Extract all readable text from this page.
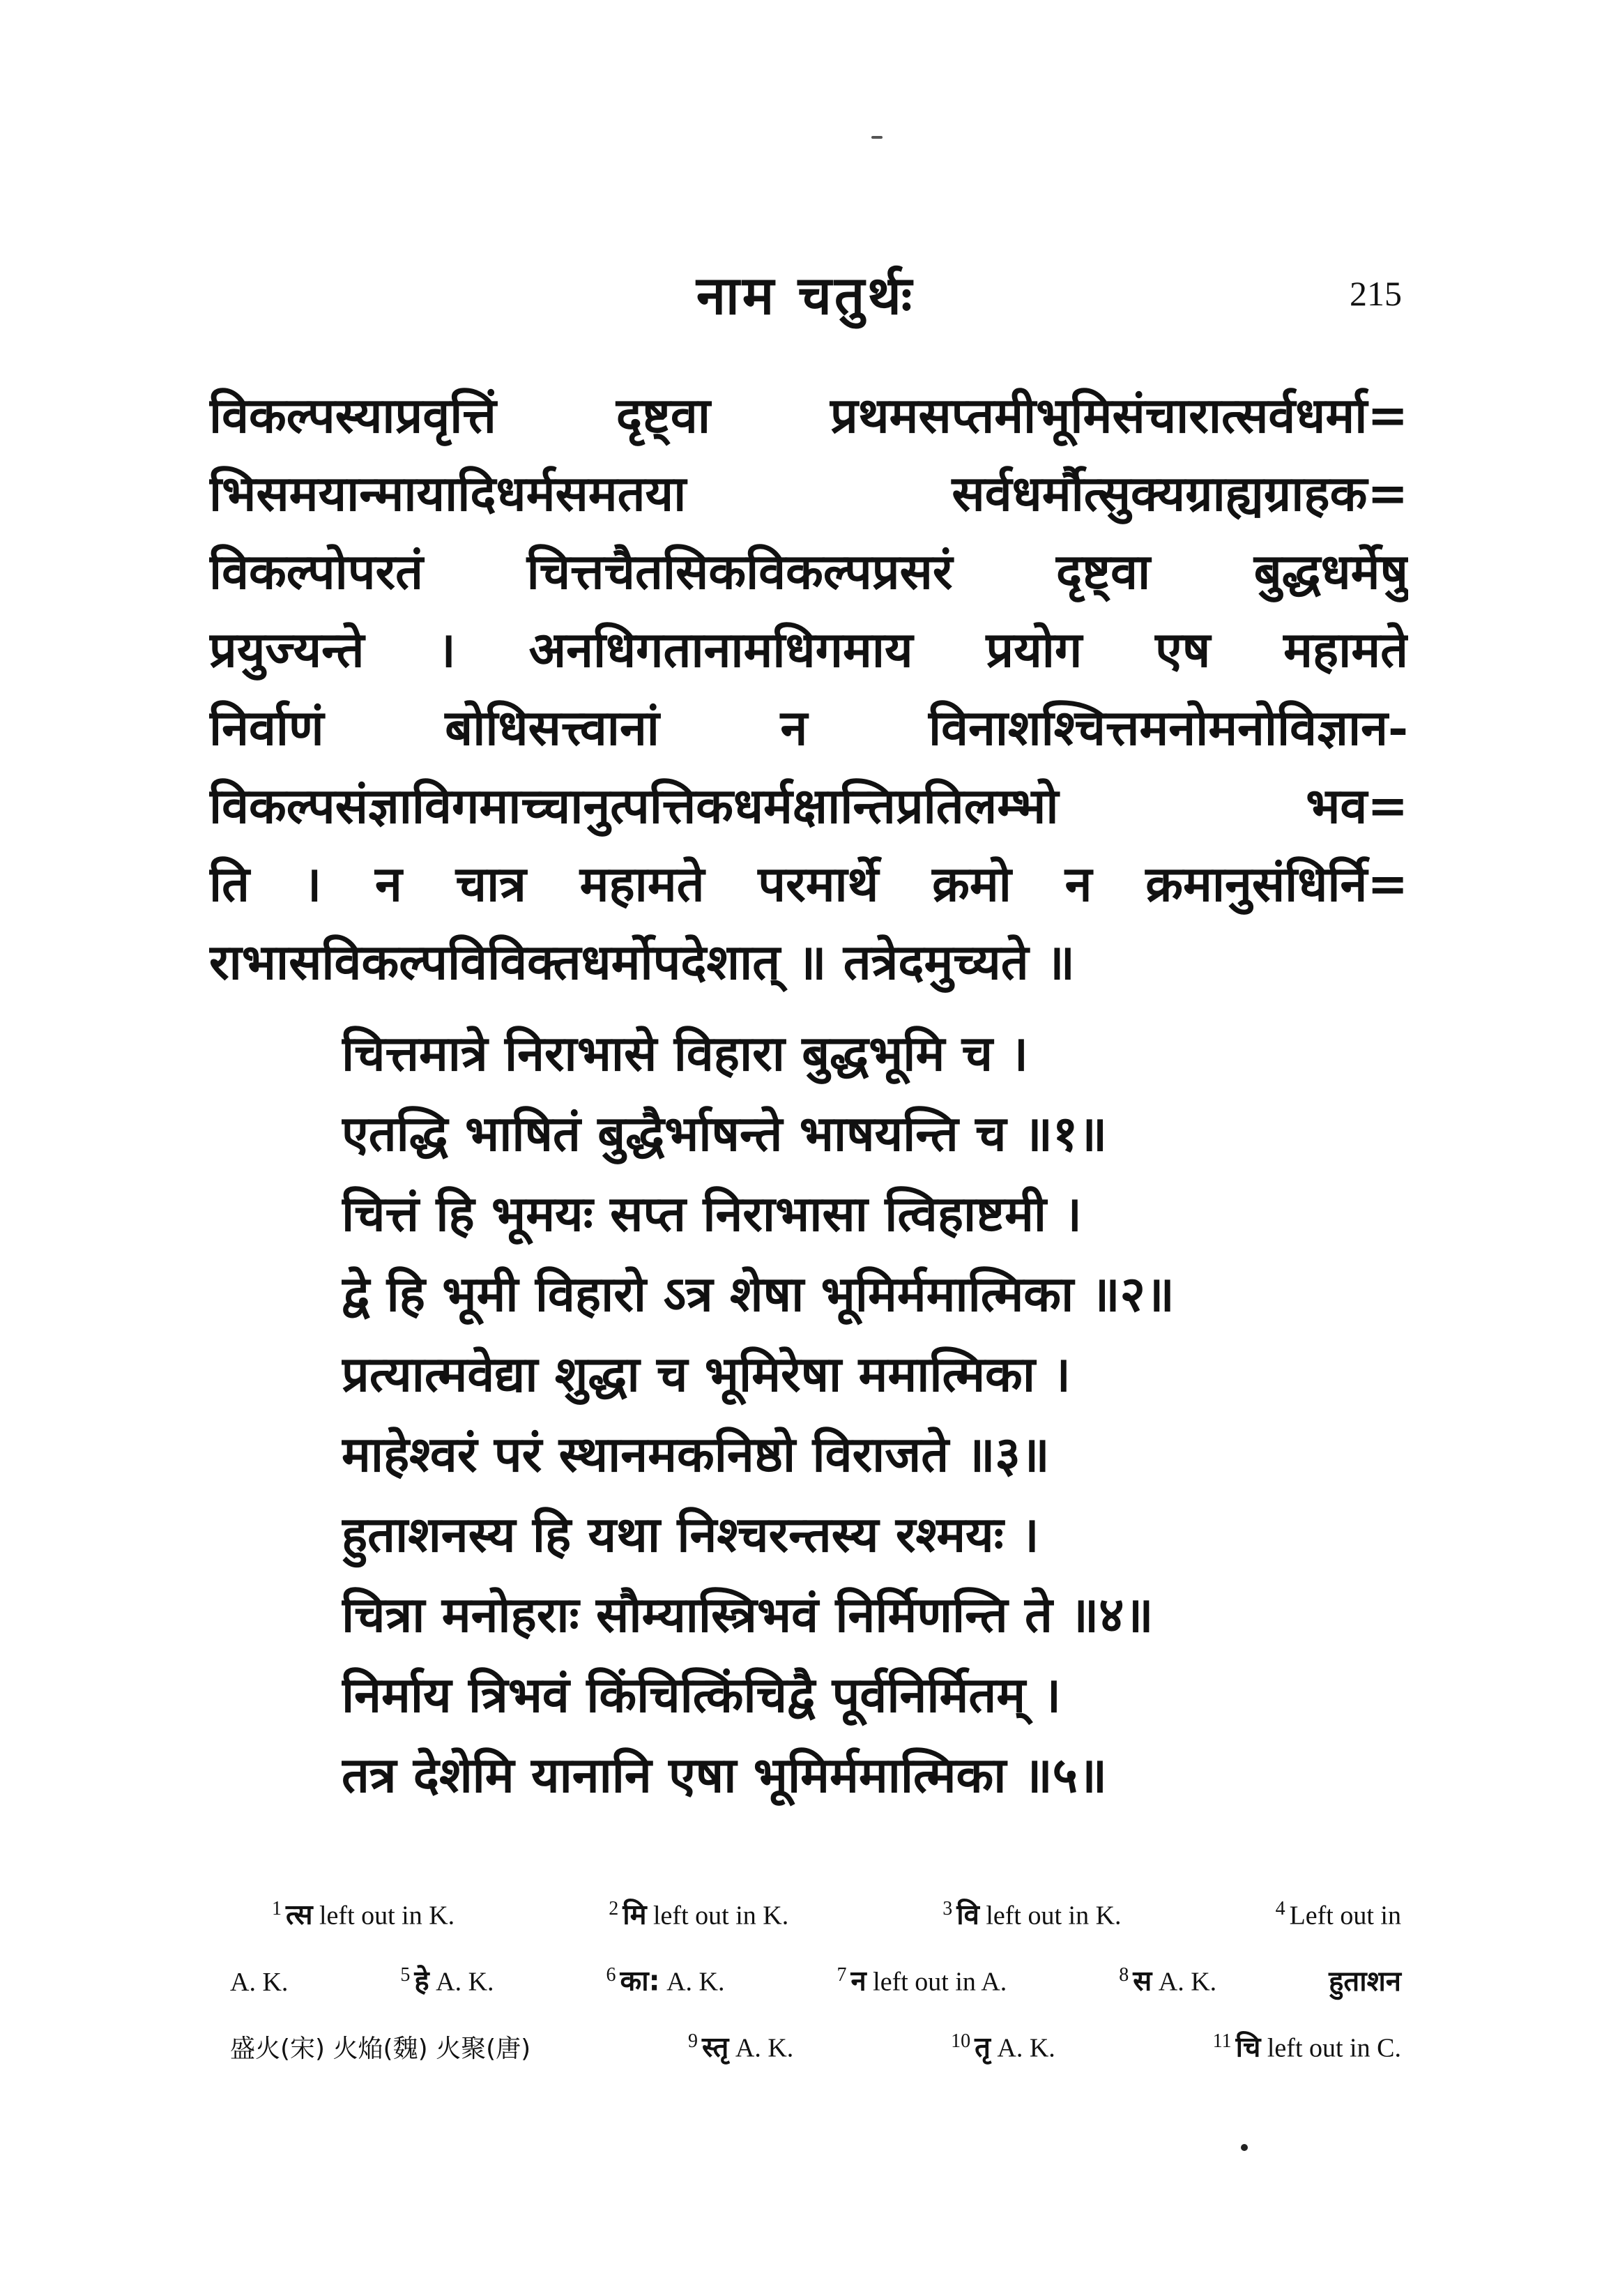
नाम चतुर्थः	215
विकल्पस्याप्रवृत्तिं दृष्ट्वा प्रथमसप्तमीभूमिसंचारात्सर्वधर्मा=
भिसमयान्मायादिधर्मसमतया सर्वधर्मौत्सुक्यग्राह्यग्राहक=
विकल्पोपरतं चित्तचैतसिकविकल्पप्रसरं दृष्ट्वा बुद्धधर्मेषु
प्रयुज्यन्ते । अनधिगतानामधिगमाय प्रयोग एष महामते
निर्वाणं बोधिसत्त्वानां न विनाशश्चित्तमनोमनोविज्ञान-
विकल्पसंज्ञाविगमाच्चानुत्पत्तिकधर्मक्षान्तिप्रतिलम्भो भव=
ति । न चात्र महामते परमार्थे क्रमो न क्रमानुसंधिर्नि=
राभासविकल्पविविक्तधर्मोपदेशात् ॥ तत्रेदमुच्यते ॥
चित्तमात्रे निराभासे विहारा बुद्धभूमि च ।
एतद्धि भाषितं बुद्धैर्भाषन्ते भाषयन्ति च ॥१॥
चित्तं हि भूमयः सप्त निराभासा त्विहाष्टमी ।
द्वे हि भूमी विहारो ऽत्र शेषा भूमिर्ममात्मिका ॥२॥
प्रत्यात्मवेद्या शुद्धा च भूमिरेषा ममात्मिका ।
माहेश्वरं परं स्थानमकनिष्ठो विराजते ॥३॥
हुताशनस्य हि यथा निश्चरन्तस्य रश्मयः ।
चित्रा मनोहराः सौम्यास्त्रिभवं निर्मिणन्ति ते ॥४॥
निर्माय त्रिभवं किंचित्किंचिद्वै पूर्वनिर्मितम् ।
तत्र देशेमि यानानि एषा भूमिर्ममात्मिका ॥५॥
$^1$ त्स left out in K.	$^2$ मि left out in K.	$^3$ वि left out in K.	$^4$ Left out in
A. K.	$^5$ हे A. K.	$^6$ का: A. K.	$^7$ न left out in A.	$^8$ स A. K.	हुताशन
盛火(宋) 火焔(魏) 火聚(唐)	$^9$ स्तृ A. K.	$^{10}$ तृ A. K.	$^{11}$ चि left out in C.
